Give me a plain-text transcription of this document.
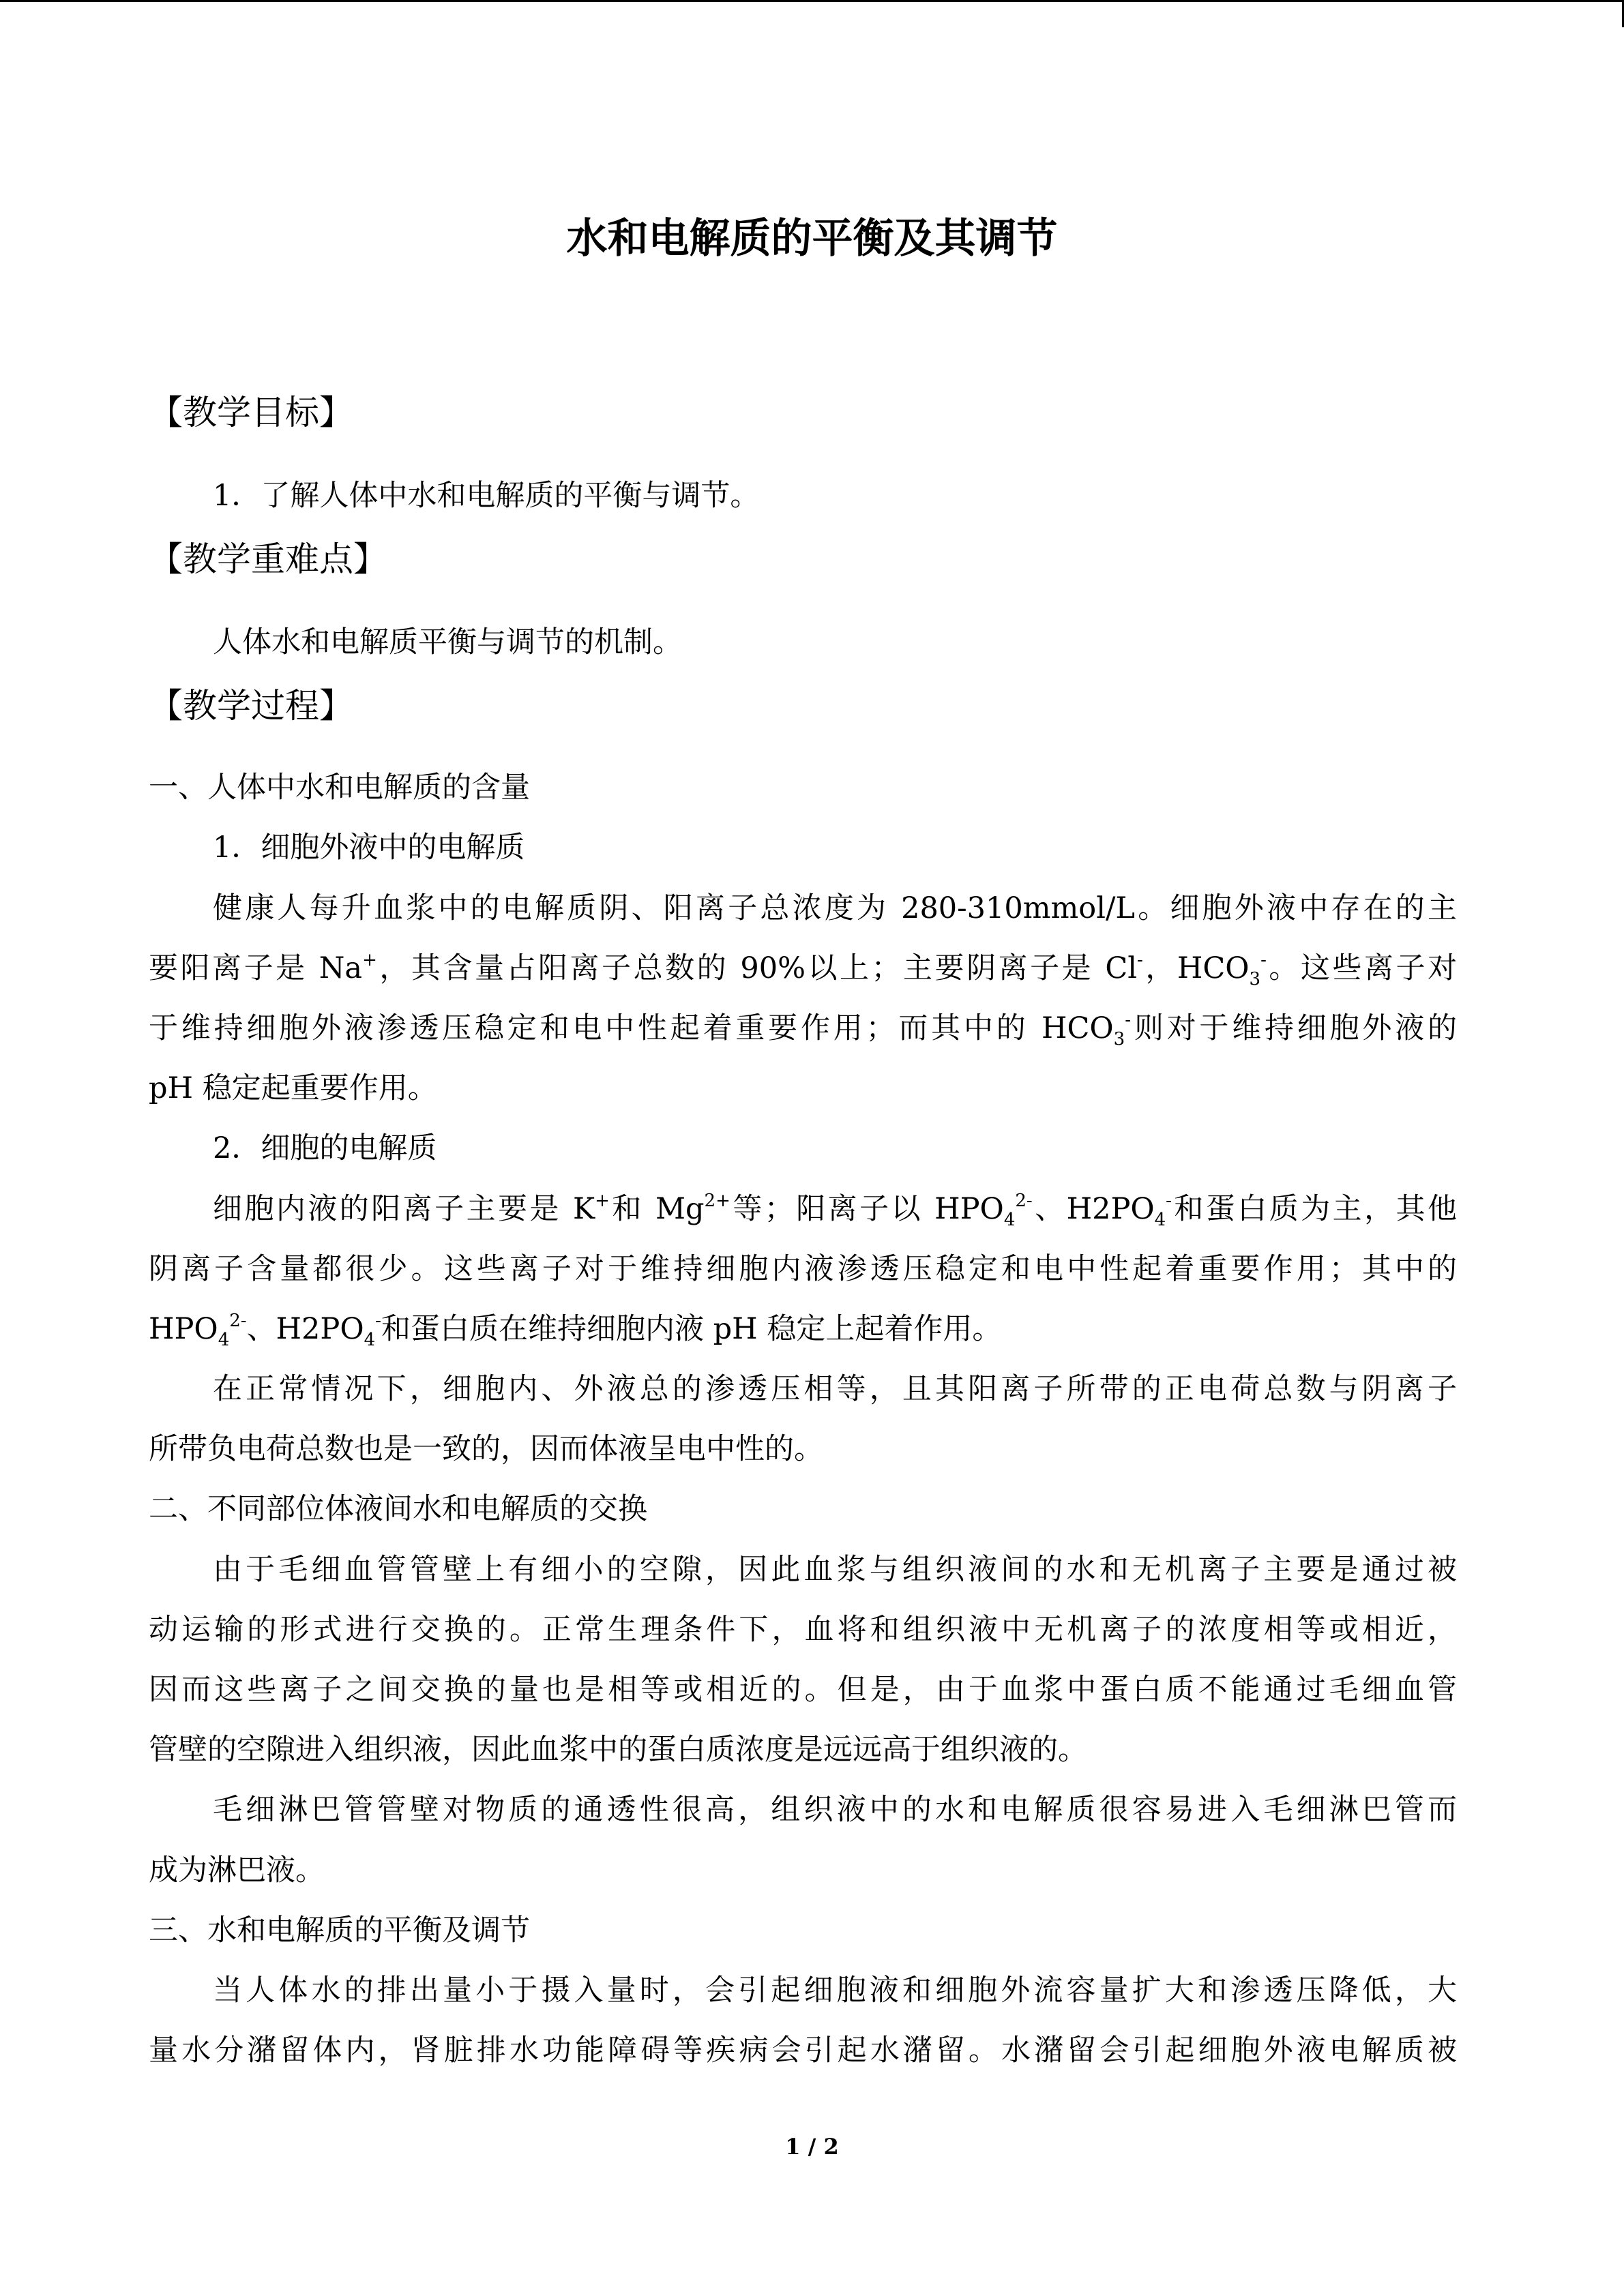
水和电解质的平衡及其调节
【教学目标】
1．了解人体中水和电解质的平衡与调节。
【教学重难点】
人体水和电解质平衡与调节的机制。
【教学过程】
一、人体中水和电解质的含量
1．细胞外液中的电解质
健康人每升血浆中的电解质阴、阳离子总浓度为 280-310mmol/L。细胞外液中存在的主
要阳离子是 Na+，其含量占阳离子总数的 90%以上；主要阴离子是 Cl-，$HCO_3^-$。这些离子对
于维持细胞外液渗透压稳定和电中性起着重要作用；而其中的 $HCO_3^-$则对于维持细胞外液的
pH 稳定起重要作用。
2．细胞的电解质
细胞内液的阳离子主要是 K+和 $Mg^{2+}$等；阳离子以 $HPO_4^{2-}$、$H2PO_4^-$和蛋白质为主，其他
阴离子含量都很少。这些离子对于维持细胞内液渗透压稳定和电中性起着重要作用；其中的
$HPO_4^{2-}$、$H2PO_4^-$和蛋白质在维持细胞内液 pH 稳定上起着作用。
在正常情况下，细胞内、外液总的渗透压相等，且其阳离子所带的正电荷总数与阴离子
所带负电荷总数也是一致的，因而体液呈电中性的。
二、不同部位体液间水和电解质的交换
由于毛细血管管壁上有细小的空隙，因此血浆与组织液间的水和无机离子主要是通过被
动运输的形式进行交换的。正常生理条件下，血将和组织液中无机离子的浓度相等或相近，
因而这些离子之间交换的量也是相等或相近的。但是，由于血浆中蛋白质不能通过毛细血管
管壁的空隙进入组织液，因此血浆中的蛋白质浓度是远远高于组织液的。
毛细淋巴管管壁对物质的通透性很高，组织液中的水和电解质很容易进入毛细淋巴管而
成为淋巴液。
三、水和电解质的平衡及调节
当人体水的排出量小于摄入量时，会引起细胞液和细胞外流容量扩大和渗透压降低，大
量水分潴留体内，肾脏排水功能障碍等疾病会引起水潴留。水潴留会引起细胞外液电解质被
1 / 2
